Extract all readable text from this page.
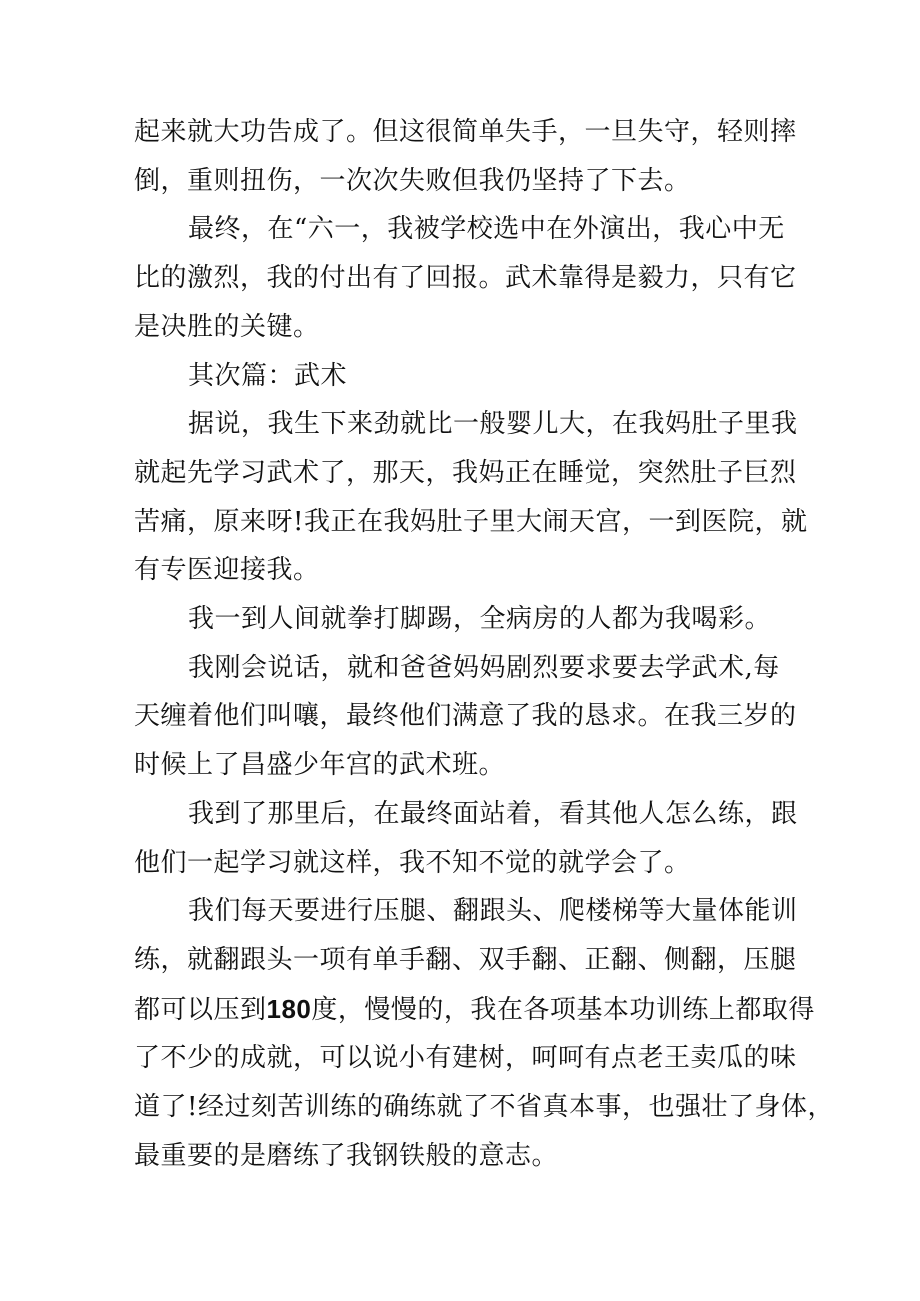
起来就大功告成了。但这很简单失手，一旦失守，轻则摔
倒，重则扭伤，一次次失败但我仍坚持了下去。

最终，在“六一，我被学校选中在外演出，我心中无
比的激烈，我的付出有了回报。武术靠得是毅力，只有它
是决胜的关键。

其次篇：武术

据说，我生下来劲就比一般婴儿大，在我妈肚子里我
就起先学习武术了，那天，我妈正在睡觉，突然肚子巨烈
苦痛，原来呀!我正在我妈肚子里大闹天宫，一到医院，就
有专医迎接我。

我一到人间就拳打脚踢，全病房的人都为我喝彩。

我刚会说话，就和爸爸妈妈剧烈要求要去学武术,每
天缠着他们叫嚷，最终他们满意了我的恳求。在我三岁的
时候上了昌盛少年宫的武术班。

我到了那里后，在最终面站着，看其他人怎么练，跟
他们一起学习就这样，我不知不觉的就学会了。

我们每天要进行压腿、翻跟头、爬楼梯等大量体能训
练，就翻跟头一项有单手翻、双手翻、正翻、侧翻，压腿
都可以压到180度，慢慢的，我在各项基本功训练上都取得
了不少的成就，可以说小有建树，呵呵有点老王卖瓜的味
道了!经过刻苦训练的确练就了不省真本事，也强壮了身体，
最重要的是磨练了我钢铁般的意志。
